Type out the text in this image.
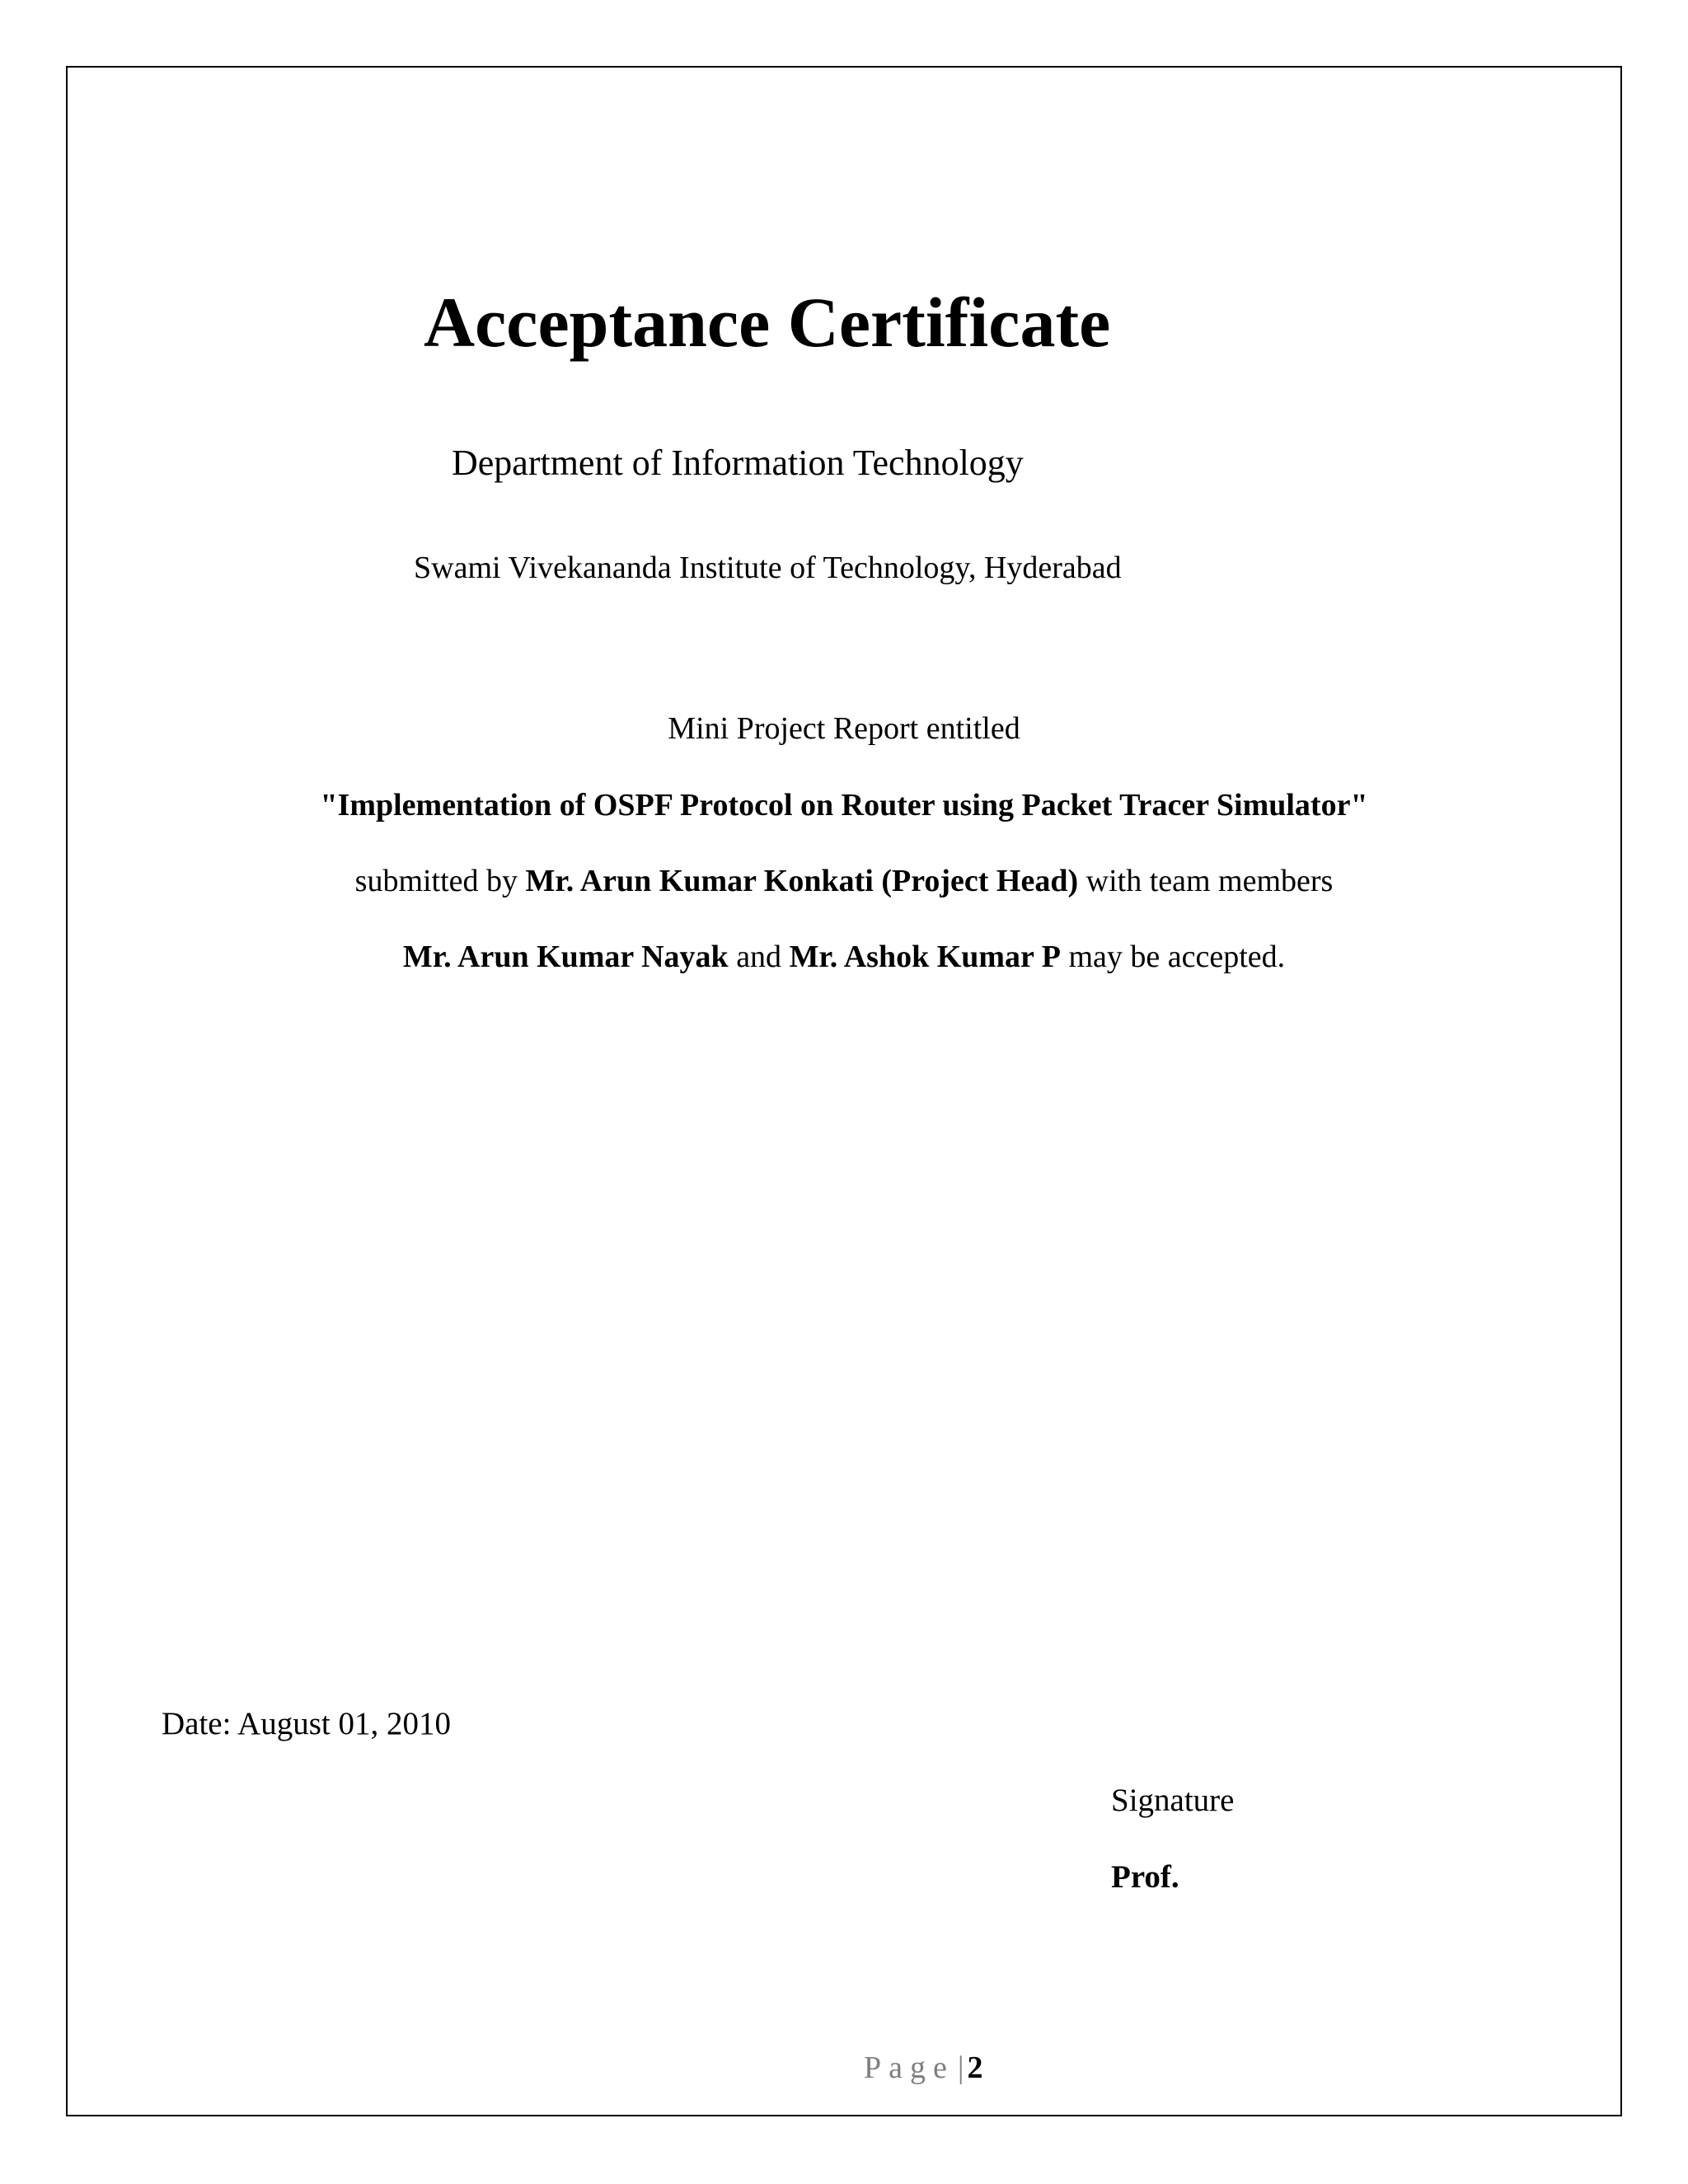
Acceptance Certificate
Department of Information Technology
Swami Vivekananda Institute of Technology, Hyderabad
Mini Project Report entitled
"Implementation of OSPF Protocol on Router using Packet Tracer Simulator"
submitted by Mr. Arun Kumar Konkati (Project Head) with team members
Mr. Arun Kumar Nayak and Mr. Ashok Kumar P may be accepted.
Date: August 01, 2010
Signature
Prof.
Page | 2
